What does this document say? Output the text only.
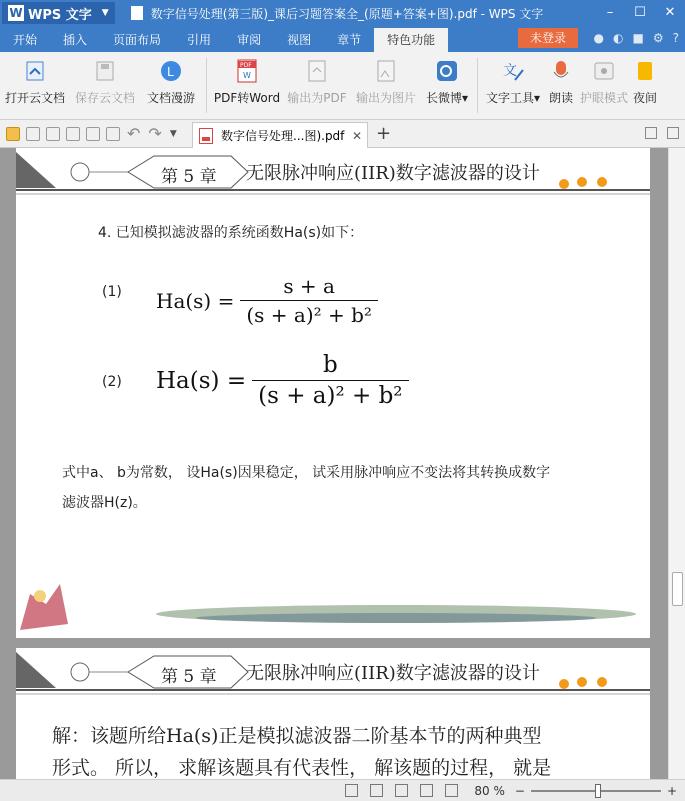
W WPS 文字 ▼	数字信号处理(第三版)_课后习题答案全_(原题+答案+图).pdf - WPS 文字	–	☐	✕
开始	插入	页面布局	引用	审阅	视图	章节	特色功能	未登录	● ◐ ■ ⚙ ?
打开云文档 保存云文档
L
文档漫游
PDF
W
PDF转Word 输出为PDF 输出为图片 长微博▾
文
文字工具▾ 朗读 护眼模式 夜间
↶ ↷ ▼	数字信号处理...图).pdf ✕ +
第 5 章 无限脉冲响应(IIR)数字滤波器的设计
4. 已知模拟滤波器的系统函数Ha(s)如下：
(1) $Ha(s) = \frac{s + a}{\text{(s + a)² + b²}}$
(2) $Ha(s) = \frac{b}{\text{(s + a)² + b²}}$
式中a、 b为常数， 设Ha(s)因果稳定， 试采用脉冲响应不变法将其转换成数字
滤波器H(z)。
第 5 章 无限脉冲响应(IIR)数字滤波器的设计
解：该题所给Ha(s)正是模拟滤波器二阶基本节的两种典型
形式。 所以， 求解该题具有代表性， 解该题的过程， 就是
80 % −	+
